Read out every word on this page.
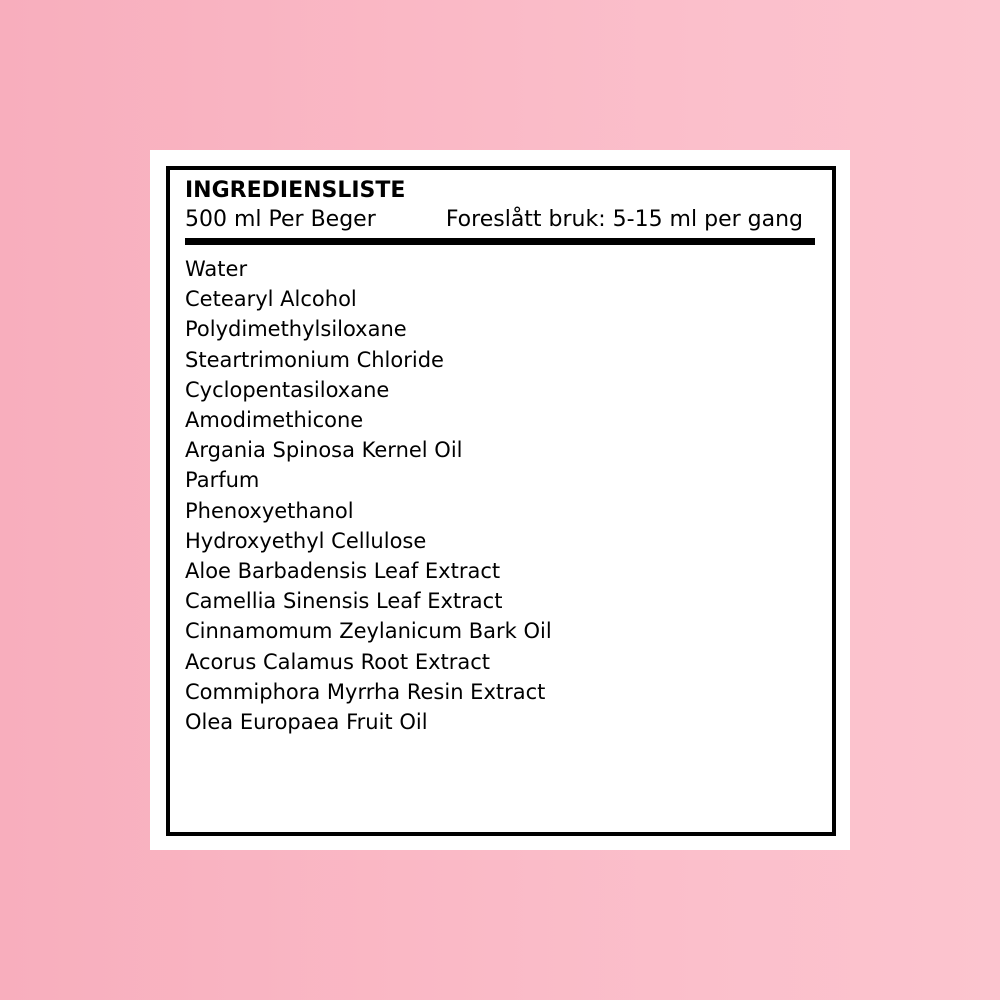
INGREDIENSLISTE
500 ml Per Beger	Foreslått bruk: 5-15 ml per gang
Water
Cetearyl Alcohol
Polydimethylsiloxane
Steartrimonium Chloride
Cyclopentasiloxane
Amodimethicone
Argania Spinosa Kernel Oil
Parfum
Phenoxyethanol
Hydroxyethyl Cellulose
Aloe Barbadensis Leaf Extract
Camellia Sinensis Leaf Extract
Cinnamomum Zeylanicum Bark Oil
Acorus Calamus Root Extract
Commiphora Myrrha Resin Extract
Olea Europaea Fruit Oil
